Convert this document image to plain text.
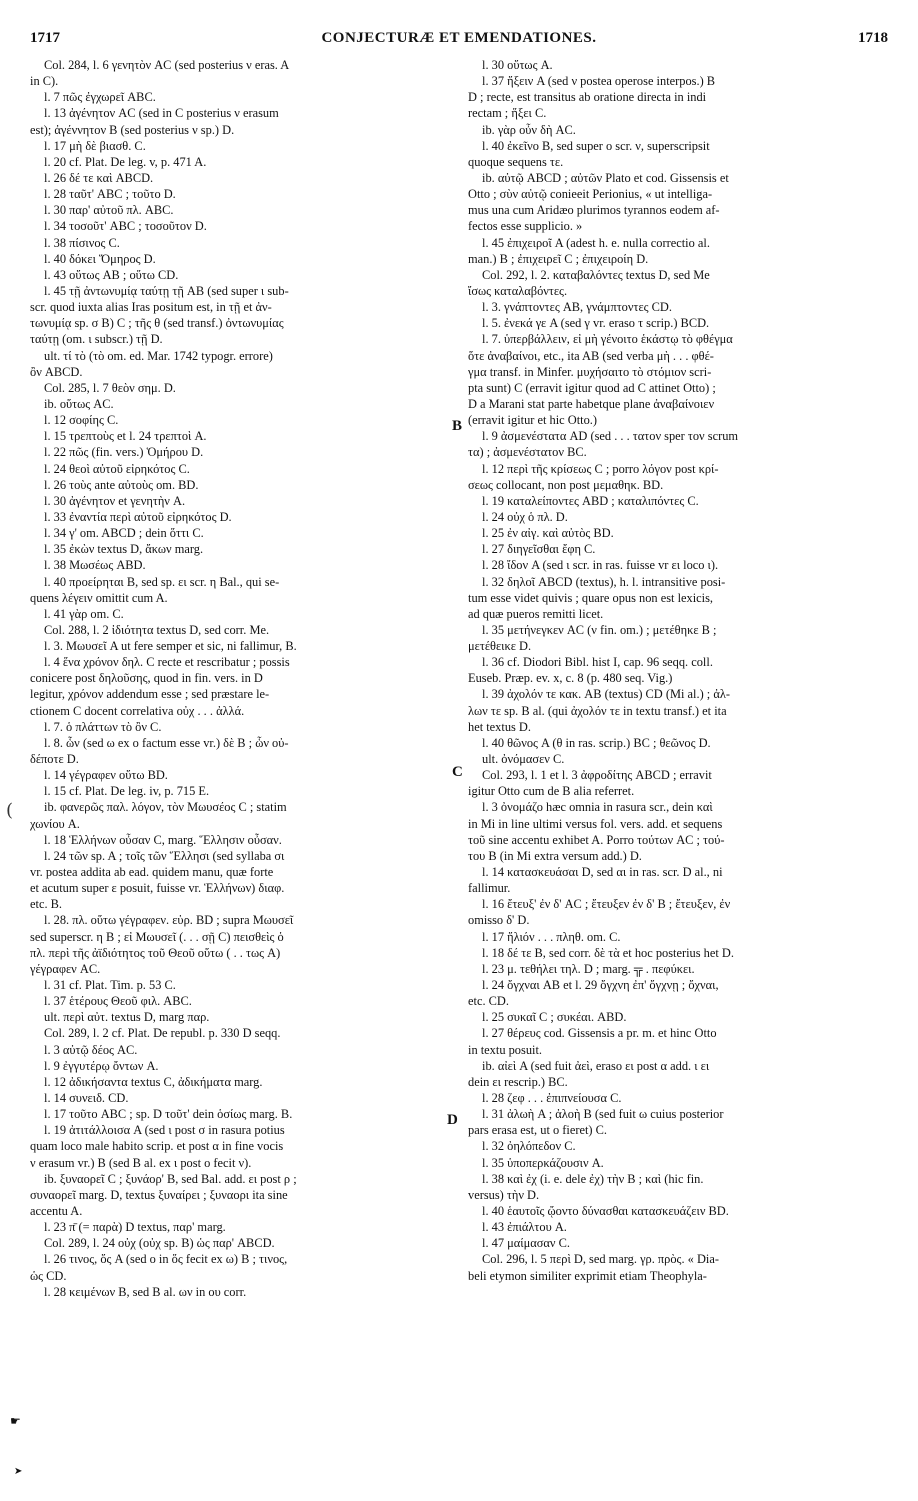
1717	CONJECTURÆ ET EMENDATIONES.	1718
Col. 284, l. 6 γενητὸν AC (sed posterius ν eras. A
in C).
l. 7 πῶς ἐγχωρεῖ ABC.
l. 13 ἀγένητον AC (sed in C posterius ν erasum
est); ἀγέννητον B (sed posterius ν sp.) D.
l. 17 μὴ δὲ βιασθ. C.
l. 20 cf. Plat. De leg. v, p. 471 A.
l. 26 δέ τε καὶ ABCD.
l. 28 ταῦτ' ABC ; τοῦτο D.
l. 30 παρ' αὐτοῦ πλ. ABC.
l. 34 τοσοῦτ' ABC ; τοσοῦτον D.
l. 38 πίσινος C.
l. 40 δόκει Ὅμηρος D.
l. 43 οὕτως AB ; οὕτω CD.
l. 45 τῇ ἀντωνυμίᾳ ταύτῃ τῇ AB (sed super ι sub-
scr. quod iuxta alias Iras positum est, in τῇ et ἀν-
τωνυμίᾳ sp. σ B) C ; τῆς θ (sed transf.) ὀντωνυμίας
ταύτῃ (om. ι subscr.) τῇ D.
ult. τί τὸ (τὸ om. ed. Mar. 1742 typogr. errore)
ὂν ABCD.
Col. 285, l. 7 θεὸν σημ. D.
ib. οὕτως AC.
l. 12 σοφίης C.
l. 15 τρεπτοὺς et l. 24 τρεπτοὶ A.
l. 22 πῶς (fin. vers.) Ὁμήρου D.
l. 24 θεοὶ αὐτοῦ εἰρηκότος C.
l. 26 τοὺς ante αὐτοὺς om. BD.
l. 30 ἀγένητον et γενητὴν A.
l. 33 ἐναντία περὶ αὐτοῦ εἰρηκότος D.
l. 34 γ' om. ABCD ; dein ὅττι C.
l. 35 ἐκὼν textus D, ἄκων marg.
l. 38 Μωσέως ABD.
l. 40 προείρηται B, sed sp. ει scr. η Bal., qui se-
quens λέγειν omittit cum A.
l. 41 γὰρ om. C.
Col. 288, l. 2 ἰδιότητα textus D, sed corr. Me.
l. 3. Μωυσεῖ A ut fere semper et sic, ni fallimur, B.
l. 4 ἕνα χρόνον δηλ. C recte et rescribatur ; possis
conicere post δηλοῦσης, quod in fin. vers. in D
legitur, χρόνον addendum esse ; sed præstare le-
ctionem C docent correlativa οὐχ . . . ἀλλά.
l. 7. ὁ πλάττων τὸ ὂν C.
l. 8. ὧν (sed ω ex ο factum esse vr.) δὲ B ; ὧν οὐ-
δέποτε D.
l. 14 γέγραφεν οὕτω BD.
l. 15 cf. Plat. De leg. iv, p. 715 E.
ib. φανερῶς παλ. λόγον, τὸν Μωυσέος C ; statim
χωνίου A.
l. 18 Ἑλλήνων οὖσαν C, marg. Ἕλλησιν οὖσαν.
l. 24 τῶν sp. A ; τοῖς τῶν Ἕλλησι (sed syllaba σι
vr. postea addita ab ead. quidem manu, quæ forte
et acutum super ε posuit, fuisse vr. Ἑλλήνων) διαφ.
etc. B.
l. 28. πλ. οὕτω γέγραφεν. εὑρ. BD ; supra Μωυσεῖ
sed superscr. η B ; εἰ Μωυσεῖ (. . . σῇ C) πεισθεὶς ὁ
πλ. περὶ τῆς ἀϊδιότητος τοῦ Θεοῦ οὕτω ( . . τως A)
γέγραφεν AC.
l. 31 cf. Plat. Tim. p. 53 C.
l. 37 ἑτέρους Θεοῦ φιλ. ABC.
ult. περὶ αὐτ. textus D, marg παρ.
Col. 289, l. 2 cf. Plat. De republ. p. 330 D seqq.
l. 3 αὐτῷ δέος AC.
l. 9 ἐγγυτέρῳ ὄντων A.
l. 12 ἀδικήσαντα textus C, ἀδικήματα marg.
l. 14 συνειδ. CD.
l. 17 τοῦτο ABC ; sp. D τοῦτ' dein ὁσίως marg. B.
l. 19 ἀτιτάλλοισα A (sed ι post σ in rasura potius
quam loco male habito scrip. et post α in fine vocis
ν erasum vr.) B (sed B al. ex ι post ο fecit ν).
ib. ξυναορεῖ C ; ξυνάορ' B, sed Bal. add. ει post ρ ;
συναορεῖ marg. D, textus ξυναίρει ; ξυναορι ita sine
accentu A.
l. 23 π̄ (= παρὰ) D textus, παρ' marg.
Col. 289, l. 24 οὐχ (οὐχ sp. B) ὡς παρ' ABCD.
l. 26 τινος, ὅς A (sed ο in ὅς fecit ex ω) B ; τινος,
ὡς CD.
l. 28 κειμένων B, sed B al. ων in ου corr.
l. 30 οὕτως A.
l. 37 ἥξειν A (sed ν postea operose interpos.) B
D ; recte, est transitus ab oratione directa in indi
rectam ; ἥξει C.
ib. γὰρ οὖν δὴ AC.
l. 40 ἐκεῖνο B, sed super ο scr. ν, superscripsit
quoque sequens τε.
ib. αὐτῷ ABCD ; αὐτῶν Plato et cod. Gissensis et
Otto ; σὺν αὐτῷ conieeit Perionius, « ut intelliga-
mus una cum Aridæo plurimos tyrannos eodem af-
fectos esse supplicio. »
l. 45 ἐπιχειροῖ A (adest h. e. nulla correctio al.
man.) B ; ἐπιχειρεῖ C ; ἐπιχειροίη D.
Col. 292, l. 2. καταβαλόντες textus D, sed Me
ἴσως καταλαβόντες.
l. 3. γνάπτοντες AB, γνάμπτοντες CD.
l. 5. ἐνεκά γε A (sed γ vr. eraso τ scrip.) BCD.
l. 7. ὑπερβάλλειν, εἰ μὴ γένοιτο ἑκάστῳ τὸ φθέγμα
ὅτε ἀναβαίνοι, etc., ita AB (sed verba μὴ . . . φθέ-
γμα transf. in Minfer. μυχήσαιτο τὸ στόμιον scri-
pta sunt) C (erravit igitur quod ad C attinet Otto) ;
D a Marani stat parte habetque plane ἀναβαίνοιεν
(erravit igitur et hic Otto.)
l. 9 ἀσμενέστατα AD (sed . . . τατον sper τον scrum
τα) ; ἀσμενέστατον BC.
l. 12 περὶ τῆς κρίσεως C ; porro λόγον post κρί-
σεως collocant, non post μεμαθηκ. BD.
l. 19 καταλείποντες ABD ; καταλιπόντες C.
l. 24 οὐχ ὁ πλ. D.
l. 25 ἐν αἰγ. καὶ αὐτὸς BD.
l. 27 διηγεῖσθαι ἔφη C.
l. 28 ἴδον A (sed ι scr. in ras. fuisse vr ει loco ι).
l. 32 δηλοῖ ABCD (textus), h. l. intransitive posi-
tum esse videt quivis ; quare opus non est lexicis,
ad quæ pueros remitti licet.
l. 35 μετήνεγκεν AC (ν fin. om.) ; μετέθηκε B ;
μετέθεικε D.
l. 36 cf. Diodori Bibl. hist I, cap. 96 seqq. coll.
Euseb. Præp. ev. x, c. 8 (p. 480 seq. Vig.)
l. 39 ἀχολόν τε κακ. AB (textus) CD (Mi al.) ; ἀλ-
λων τε sp. B al. (qui ἀχολόν τε in textu transf.) et ita
het textus D.
l. 40 θῶνος A (θ in ras. scrip.) BC ; θεῶνος D.
ult. ὀνόμασεν C.
Col. 293, l. 1 et l. 3 ἀφροδίτης ABCD ; erravit
igitur Otto cum de B alia referret.
l. 3 ὀνομάζο hæc omnia in rasura scr., dein καὶ
in Mi in line ultimi versus fol. vers. add. et sequens
τοῦ sine accentu exhibet A. Porro τούτων AC ; τού-
του B (in Mi extra versum add.) D.
l. 14 κατασκευάσαι D, sed αι in ras. scr. D al., ni
fallimur.
l. 16 ἔτευξ' ἐν δ' AC ; ἔτευξεν ἐν δ' B ; ἔτευξεν, ἐν
omisso δ' D.
l. 17 ἥλιόν . . . πληθ. om. C.
l. 18 δέ τε B, sed corr. δὲ τὰ et hoc posterius het D.
l. 23 μ. τεθήλει τηλ. D ; marg. ╦ . πεφύκει.
l. 24 ὄγχναι AB et l. 29 ὄγχνη ἐπ' ὄγχνῃ ; ὄχναι,
etc. CD.
l. 25 συκαῖ C ; συκέαι. ABD.
l. 27 θέρευς cod. Gissensis a pr. m. et hinc Otto
in textu posuit.
ib. αἰεὶ A (sed fuit ἀεὶ, eraso ει post α add. ι ει
dein ει rescrip.) BC.
l. 28 ζεφ . . . ἐπιπνείουσα C.
l. 31 ἀλωὴ A ; ἀλοὴ B (sed fuit ω cuius posterior
pars erasa est, ut ο fieret) C.
l. 32 ὀηλόπεδον C.
l. 35 ὑποπερκάζουσιν A.
l. 38 καὶ ἐχ (i. e. dele ἐχ) τὴν B ; καὶ (hic fin.
versus) τὴν D.
l. 40 ἑαυτοῖς ᾤοντο δύνασθαι κατασκευάζειν BD.
l. 43 ἐπιάλτου A.
l. 47 μαίμασαν C.
Col. 296, l. 5 περὶ D, sed marg. γρ. πρὸς. « Dia-
beli etymon similiter exprimit etiam Theophyla-
B
C
D
(
☛
➤
